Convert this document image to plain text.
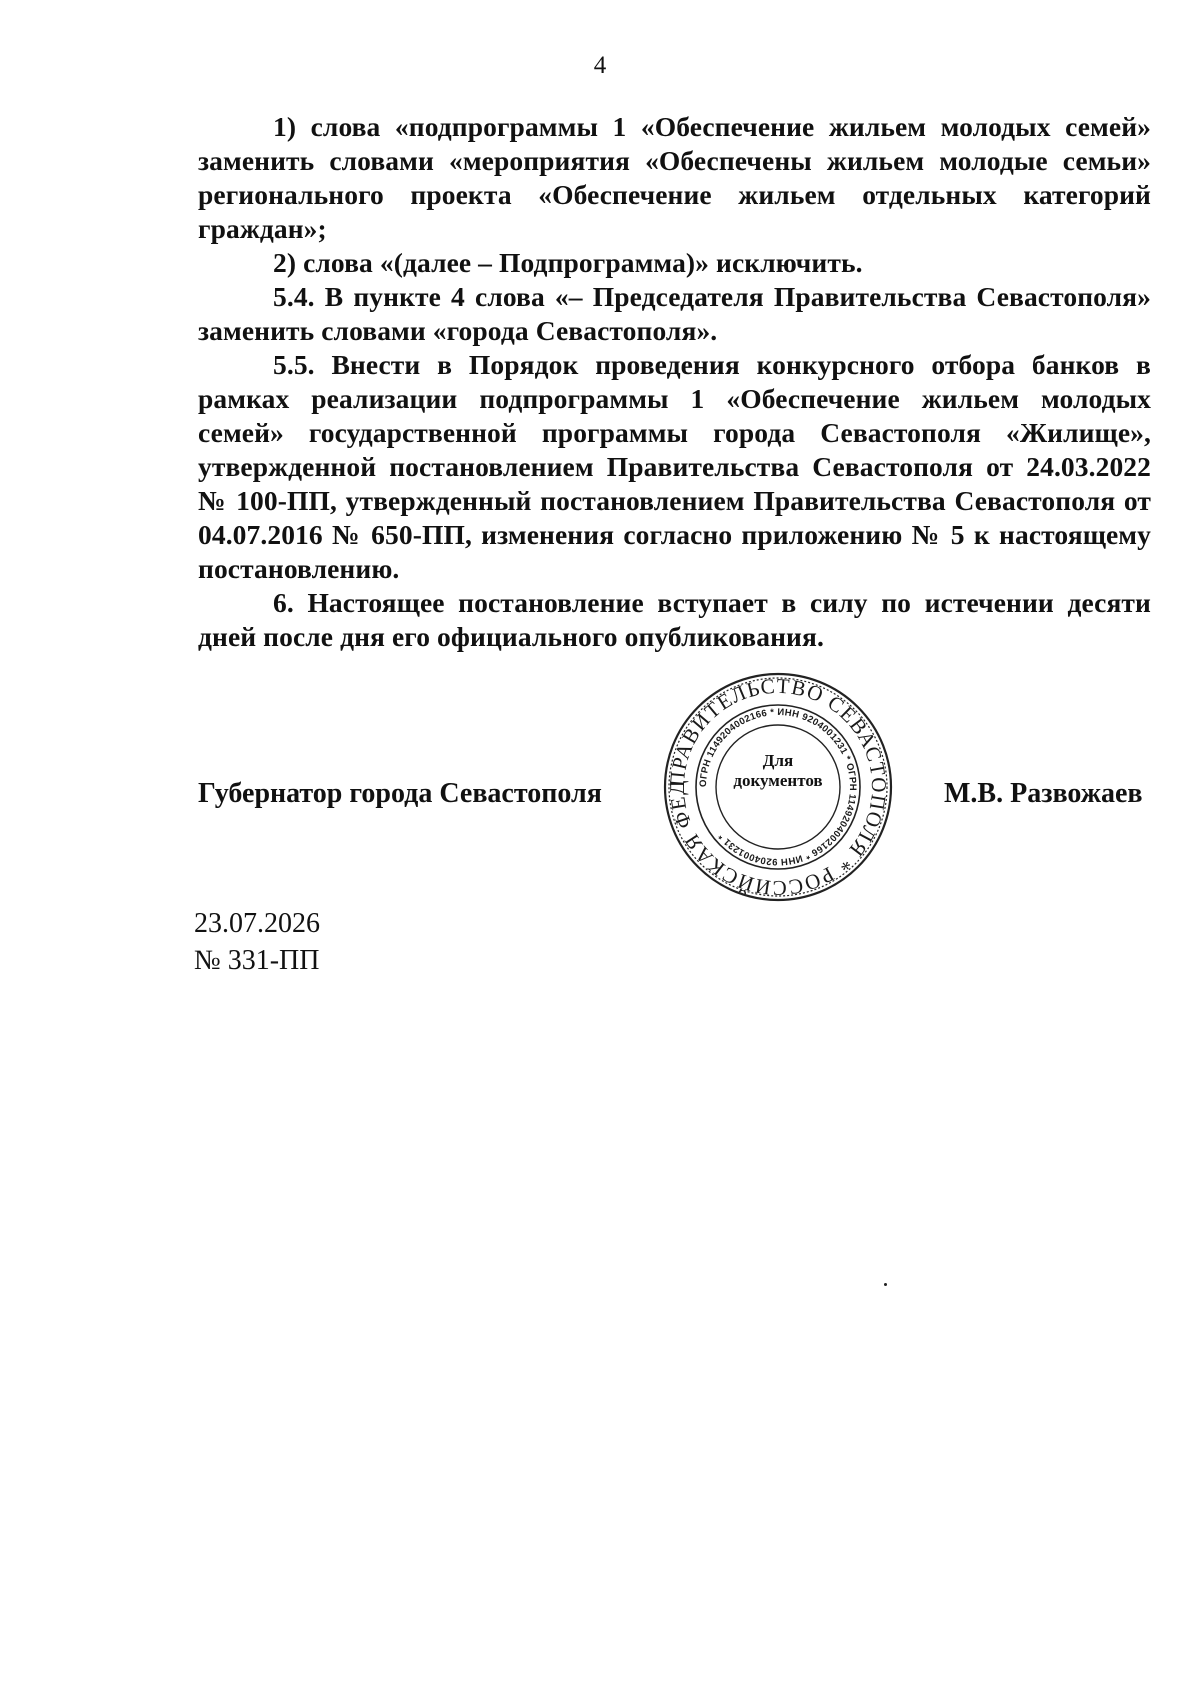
4

1) слова «подпрограммы 1 «Обеспечение жильем молодых семей» заменить словами «мероприятия «Обеспечены жильем молодые семьи» регионального проекта «Обеспечение жильем отдельных категорий граждан»;

2) слова «(далее – Подпрограмма)» исключить.

5.4. В пункте 4 слова «– Председателя Правительства Севастополя» заменить словами «города Севастополя».

5.5. Внести в Порядок проведения конкурсного отбора банков в рамках реализации подпрограммы 1 «Обеспечение жильем молодых семей» государственной программы города Севастополя «Жилище», утвержденной постановлением Правительства Севастополя от 24.03.2022 № 100-ПП, утвержденный постановлением Правительства Севастополя от 04.07.2016 № 650-ПП, изменения согласно приложению № 5 к настоящему постановлению.

6. Настоящее постановление вступает в силу по истечении десяти дней после дня его официального опубликования.

Губернатор города Севастополя	ПРАВИТЕЛЬСТВО СЕВАСТОПОЛЯ * РОССИЙСКАЯ ФЕД ОГРН 1149204002166 * ИНН 9204001231 * ОГРН 1149204002166 * ИНН 9204001231 *
Для
документов	М.В. Развожаев
23.07.2026
№ 331-ПП
